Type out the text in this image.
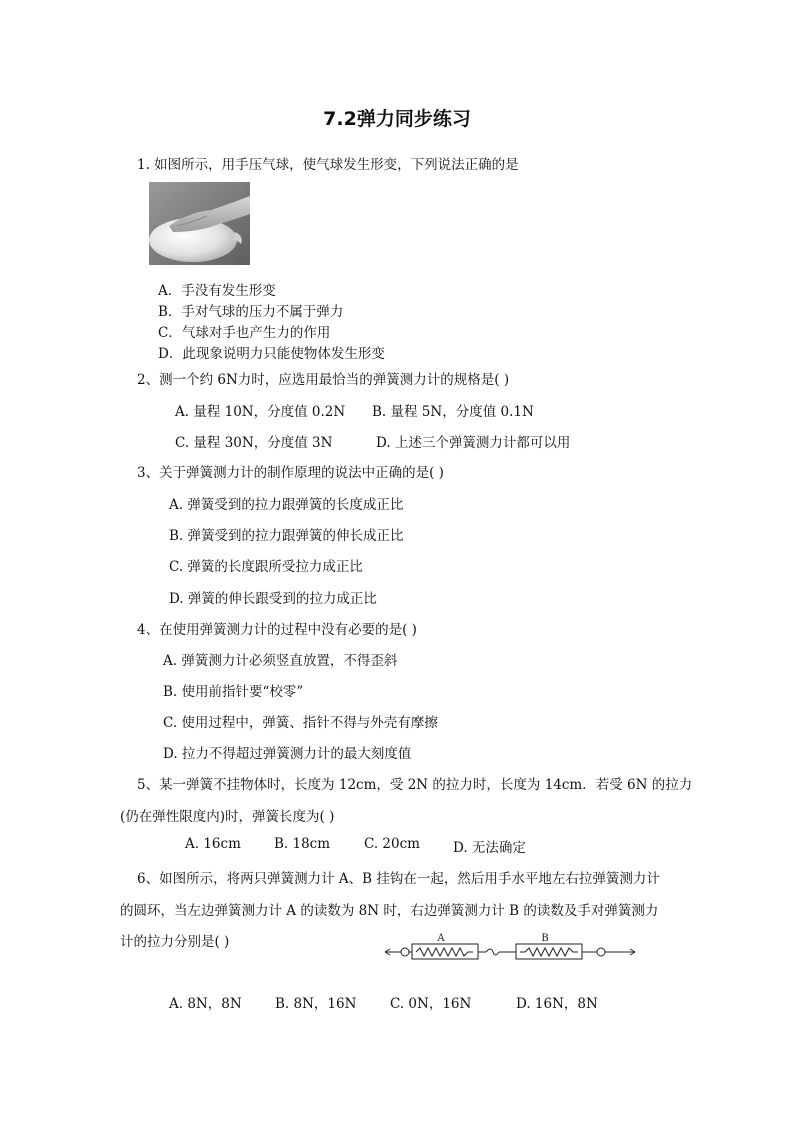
7.2弹力同步练习
1. 如图所示，用手压气球，使气球发生形变，下列说法正确的是
A．手没有发生形变
B．手对气球的压力不属于弹力
C．气球对手也产生力的作用
D．此现象说明力只能使物体发生形变
2、测一个约 6N力时，应选用最恰当的弹簧测力计的规格是( )
A. 量程 10N，分度值 0.2N B. 量程 5N，分度值 0.1N
C. 量程 30N，分度值 3N	D. 上述三个弹簧测力计都可以用
3、关于弹簧测力计的制作原理的说法中正确的是( )
A. 弹簧受到的拉力跟弹簧的长度成正比
B. 弹簧受到的拉力跟弹簧的伸长成正比
C. 弹簧的长度跟所受拉力成正比
D. 弹簧的伸长跟受到的拉力成正比
4、在使用弹簧测力计的过程中没有必要的是( )
A. 弹簧测力计必须竖直放置，不得歪斜
B. 使用前指针要“校零”
C. 使用过程中，弹簧、指针不得与外壳有摩擦
D. 拉力不得超过弹簧测力计的最大刻度值
5、某一弹簧不挂物体时，长度为 12cm，受 2N 的拉力时，长度为 14cm．若受 6N 的拉力
(仍在弹性限度内)时，弹簧长度为( )
A. 16cm B. 18cm	C. 20cm D. 无法确定
6、如图所示，将两只弹簧测力计 A、B 挂钩在一起，然后用手水平地左右拉弹簧测力计
的圆环，当左边弹簧测力计 A 的读数为 8N 时，右边弹簧测力计 B 的读数及手对弹簧测力
计的拉力分别是( )	A	B
A. 8N，8N B. 8N，16N C. 0N，16N	D. 16N，8N
